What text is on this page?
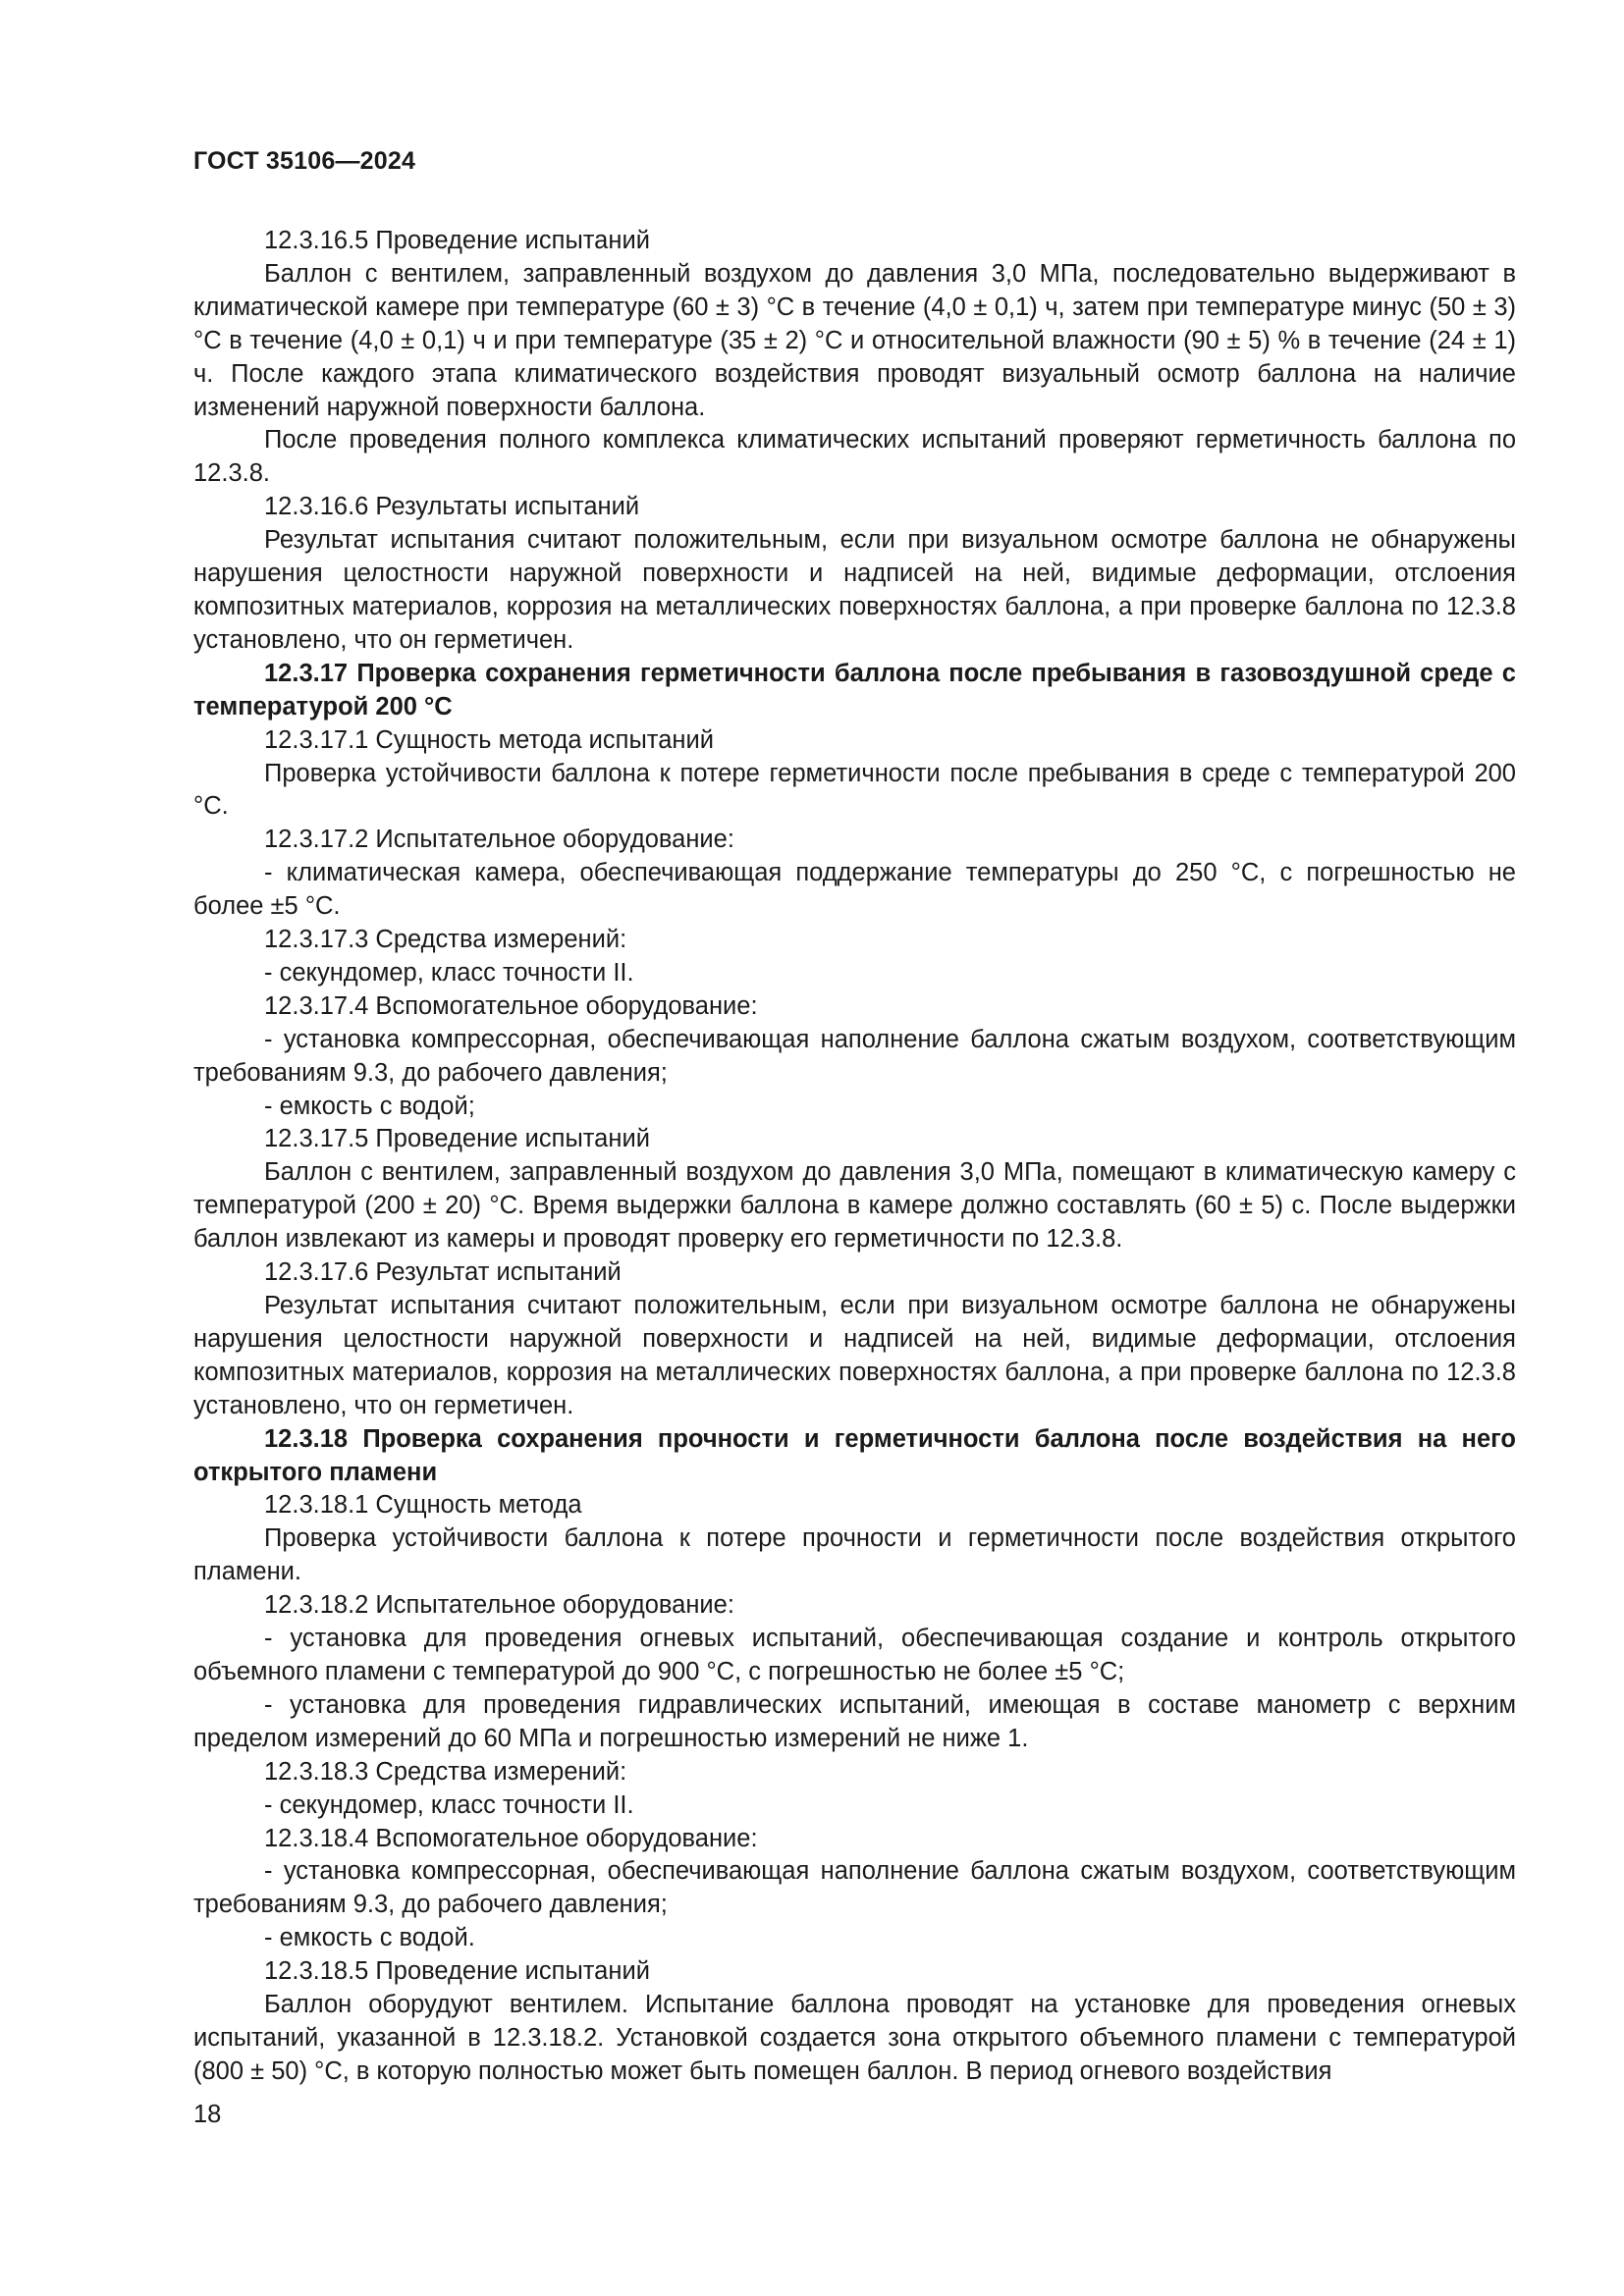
ГОСТ 35106—2024

12.3.16.5 Проведение испытаний

Баллон с вентилем, заправленный воздухом до давления 3,0 МПа, последовательно выдерживают в климатической камере при температуре (60 ± 3) °С в течение (4,0 ± 0,1) ч, затем при температуре минус (50 ± 3) °С в течение (4,0 ± 0,1) ч и при температуре (35 ± 2) °С и относительной влажности (90 ± 5) % в течение (24 ± 1) ч. После каждого этапа климатического воздействия проводят визуальный осмотр баллона на наличие изменений наружной поверхности баллона.

После проведения полного комплекса климатических испытаний проверяют герметичность баллона по 12.3.8.

12.3.16.6 Результаты испытаний

Результат испытания считают положительным, если при визуальном осмотре баллона не обнаружены нарушения целостности наружной поверхности и надписей на ней, видимые деформации, отслоения композитных материалов, коррозия на металлических поверхностях баллона, а при проверке баллона по 12.3.8 установлено, что он герметичен.

12.3.17 Проверка сохранения герметичности баллона после пребывания в газовоздушной среде с температурой 200 °С

12.3.17.1 Сущность метода испытаний

Проверка устойчивости баллона к потере герметичности после пребывания в среде с температурой 200 °С.

12.3.17.2 Испытательное оборудование:

- климатическая камера, обеспечивающая поддержание температуры до 250 °С, с погрешностью не более ±5 °С.

12.3.17.3 Средства измерений:

- секундомер, класс точности II.

12.3.17.4 Вспомогательное оборудование:

- установка компрессорная, обеспечивающая наполнение баллона сжатым воздухом, соответствующим требованиям 9.3, до рабочего давления;

- емкость с водой;

12.3.17.5 Проведение испытаний

Баллон с вентилем, заправленный воздухом до давления 3,0 МПа, помещают в климатическую камеру с температурой (200 ± 20) °С. Время выдержки баллона в камере должно составлять (60 ± 5) с. После выдержки баллон извлекают из камеры и проводят проверку его герметичности по 12.3.8.

12.3.17.6 Результат испытаний

Результат испытания считают положительным, если при визуальном осмотре баллона не обнаружены нарушения целостности наружной поверхности и надписей на ней, видимые деформации, отслоения композитных материалов, коррозия на металлических поверхностях баллона, а при проверке баллона по 12.3.8 установлено, что он герметичен.

12.3.18 Проверка сохранения прочности и герметичности баллона после воздействия на него открытого пламени

12.3.18.1 Сущность метода

Проверка устойчивости баллона к потере прочности и герметичности после воздействия открытого пламени.

12.3.18.2 Испытательное оборудование:

- установка для проведения огневых испытаний, обеспечивающая создание и контроль открытого объемного пламени с температурой до 900 °С, с погрешностью не более ±5 °С;

- установка для проведения гидравлических испытаний, имеющая в составе манометр с верхним пределом измерений до 60 МПа и погрешностью измерений не ниже 1.

12.3.18.3 Средства измерений:

- секундомер, класс точности II.

12.3.18.4 Вспомогательное оборудование:

- установка компрессорная, обеспечивающая наполнение баллона сжатым воздухом, соответствующим требованиям 9.3, до рабочего давления;

- емкость с водой.

12.3.18.5 Проведение испытаний

Баллон оборудуют вентилем. Испытание баллона проводят на установке для проведения огневых испытаний, указанной в 12.3.18.2. Установкой создается зона открытого объемного пламени с температурой (800 ± 50) °С, в которую полностью может быть помещен баллон. В период огневого воздействия

18
